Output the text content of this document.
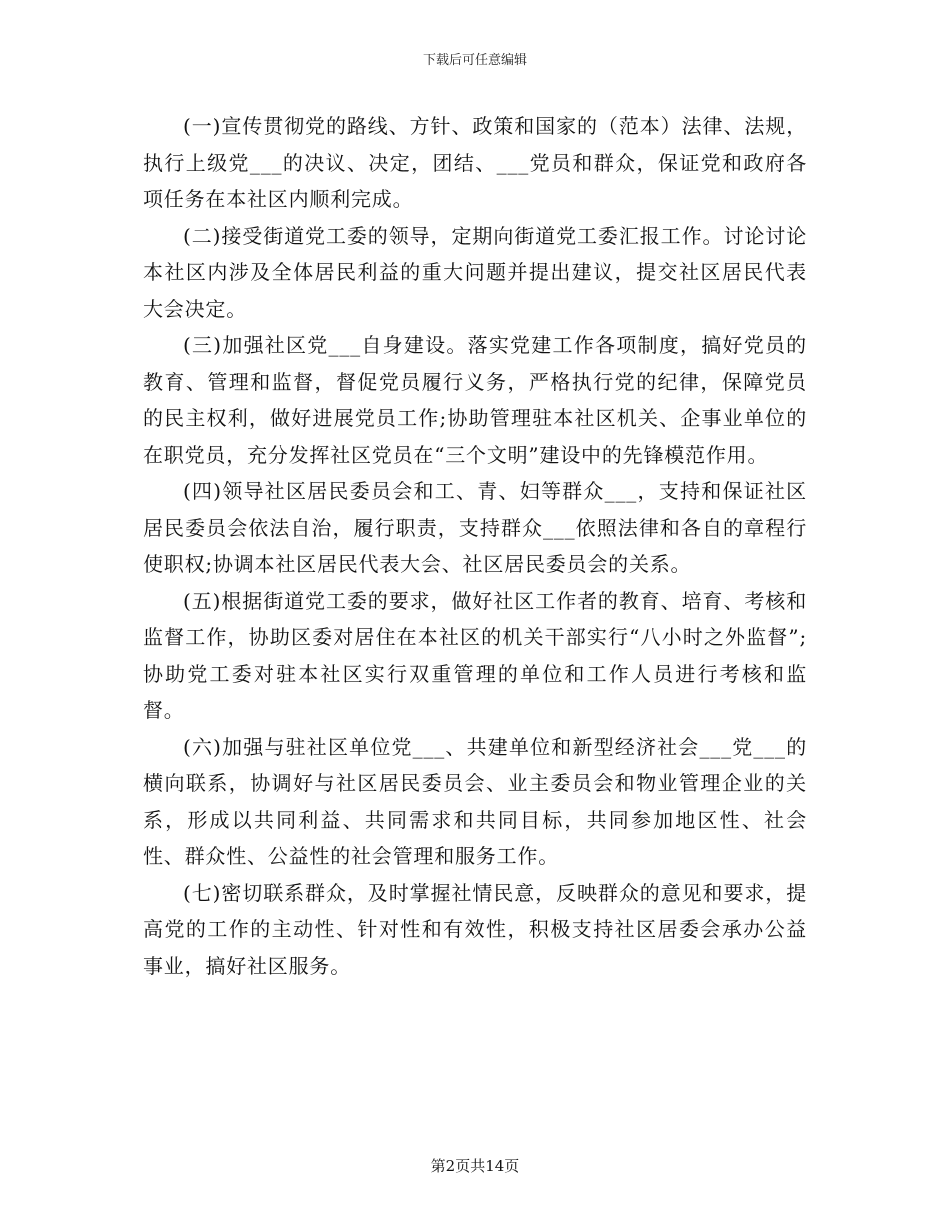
下载后可任意编辑

(一)宣传贯彻党的路线、方针、政策和国家的（范本）法律、法规，执行上级党___的决议、决定，团结、___党员和群众，保证党和政府各项任务在本社区内顺利完成。

(二)接受街道党工委的领导，定期向街道党工委汇报工作。讨论讨论本社区内涉及全体居民利益的重大问题并提出建议，提交社区居民代表大会决定。

(三)加强社区党___自身建设。落实党建工作各项制度，搞好党员的教育、管理和监督，督促党员履行义务，严格执行党的纪律，保障党员的民主权利，做好进展党员工作;协助管理驻本社区机关、企事业单位的在职党员，充分发挥社区党员在“三个文明”建设中的先锋模范作用。

(四)领导社区居民委员会和工、青、妇等群众___，支持和保证社区居民委员会依法自治，履行职责，支持群众___依照法律和各自的章程行使职权;协调本社区居民代表大会、社区居民委员会的关系。

(五)根据街道党工委的要求，做好社区工作者的教育、培育、考核和监督工作，协助区委对居住在本社区的机关干部实行“八小时之外监督”;协助党工委对驻本社区实行双重管理的单位和工作人员进行考核和监督。

(六)加强与驻社区单位党___、共建单位和新型经济社会___党___的横向联系，协调好与社区居民委员会、业主委员会和物业管理企业的关系，形成以共同利益、共同需求和共同目标，共同参加地区性、社会性、群众性、公益性的社会管理和服务工作。

(七)密切联系群众，及时掌握社情民意，反映群众的意见和要求，提高党的工作的主动性、针对性和有效性，积极支持社区居委会承办公益事业，搞好社区服务。

第2页共14页
